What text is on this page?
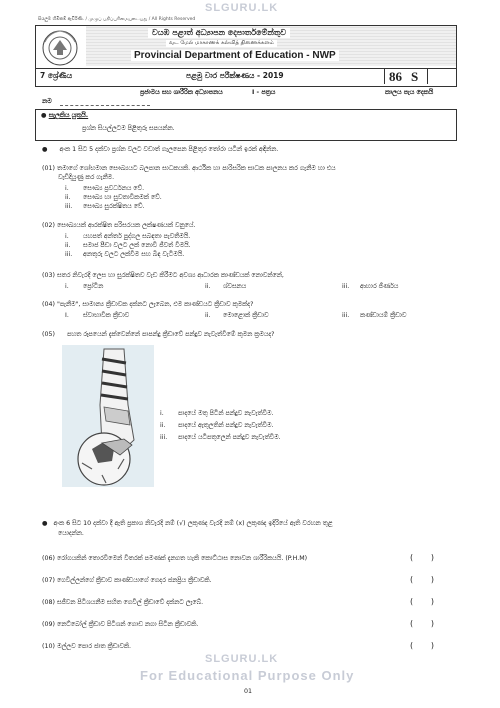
SLGURU.LK
SLGURU.LK
For Educational Purpose Only
සියලුම හිමිකම් ඇවිරිණි. / முழுப் பதிப்புரிமையுடையது / All Rights Reserved
වයඹ පළාත් අධ්‍යාපන දෙපාර්තමේන්තුව
வட மேல் மாகாணக் கல்வித் திணைக்களம்
Provincial Department of Education - NWP
7 ශ්‍රේණිය	පළමු වාර පරීක්ෂණය - 2019	86 S
ප්‍රජාමය සහ ශාරීරික අධ්‍යාපනය	I - පත්‍රය	කාලය පැය දෙකයි
නම
● සැලකිය යුතුයි.
ප්‍රශ්න සියල්ලටම පිළිතුරු සපයන්න.
● අංක 1 සිට 5 දක්වා ප්‍රශ්න වලට වඩාත් ගැලපෙන පිළිතුර තෝරා යටින් ඉරක් අඳින්න.
(01) තමාගේ ශෝභමාන සෞඛ්‍යයට බලපාන සාධකයකි. ආර්ථික හා පාරිසරික සාධක පාලනය කර ගැනීම හා එය
වැඩිදියුණු කර ගැනීම.
i. සෞඛ්‍ය ප්‍රවර්ධනය වේ.
ii. සෞඛ්‍ය හා සුවතාවිකමක් වේ.
iii. සෞඛ්‍ය සුරක්ෂිතය වේ.
(02) සෞඛ්‍යයක් ආරක්ෂිත පරිසරයක ලක්ෂණයක් වනුයේ.
i. යහපත් අන්තර් පුද්ගල සබඳතා පැවතීමයි.
ii. සමාජ පීඩා වලට ලක් නොවී ජීවත් වීමයි.
iii. අනතුරු වලට ලක්වීම සහ බිඳ වැටීමයි.
(03) සතර නිවැරදි ලෙස හා සුරක්ෂිතව වැඩ කිරීමට අවශ්‍ය ආධාරක කාණ්ඩයක් නොවන්නේ,
i. ප්‍රෝටීන	ii. ශ්වසනය	iii. ආහාර ජීර්ණය
(04) "පැනීම", සාමාන්‍ය ක්‍රීඩාවක දක්නට ලැබෙන, එම කාණ්ඩයට ක්‍රීඩාව කුමක්ද?
I. ස්වාභාවික ක්‍රීඩාව	ii. මොළොක් ක්‍රීඩාව	iii. කණ්ඩායම් ක්‍රීඩාව
(05) පහත රූපයෙන් දැක්වෙන්නේ පාපන්දු ක්‍රීඩාවේ පන්දුව නැවැත්වීමේ කුමන ක්‍රමයද?
i. පාදයේ මතු පිටින් පන්දුව නැවැත්වීම.
ii. පාදයේ ඇතුලතින් පන්දුව නැවැත්වීම.
iii. පාදයේ යටිපතුලෙන් පන්දුව නැවැත්වීම.
● අංක 6 සිට 10 දක්වා දී ඇති ප්‍රකාශ නිවැරදි නම් (√) ලකුණද වැරදි නම් (x) ලකුණද ඉදිරියේ ඇති වරහන තුළ
යොදන්න.
(06) රෝගයකින් තොරවීමෙන් විතරක් පමණක් දැනගත හැකි කොට්ඨාස නොවන ශාරීරිකයයි. (P.H.M)	(       )
(07) ගෙවිල්ලන්ගේ ක්‍රීඩාව කාණ්ඩයාගේ ගෙදර ජනප්‍රිය ක්‍රීඩාවකි.	(       )
(08) සජීවන පිටිශයනීම සහිත ගෙවිල් ක්‍රීඩාවේ දක්නට ලැබේ.	(       )
(09) නෙට්බෝල් ක්‍රීඩාව පිටිශන් ගොඩ නගා සිටින ක්‍රීඩාවකි.	(       )
(10) මල්ලව පොර ජාත ක්‍රීඩාවකි.	(       )
01
